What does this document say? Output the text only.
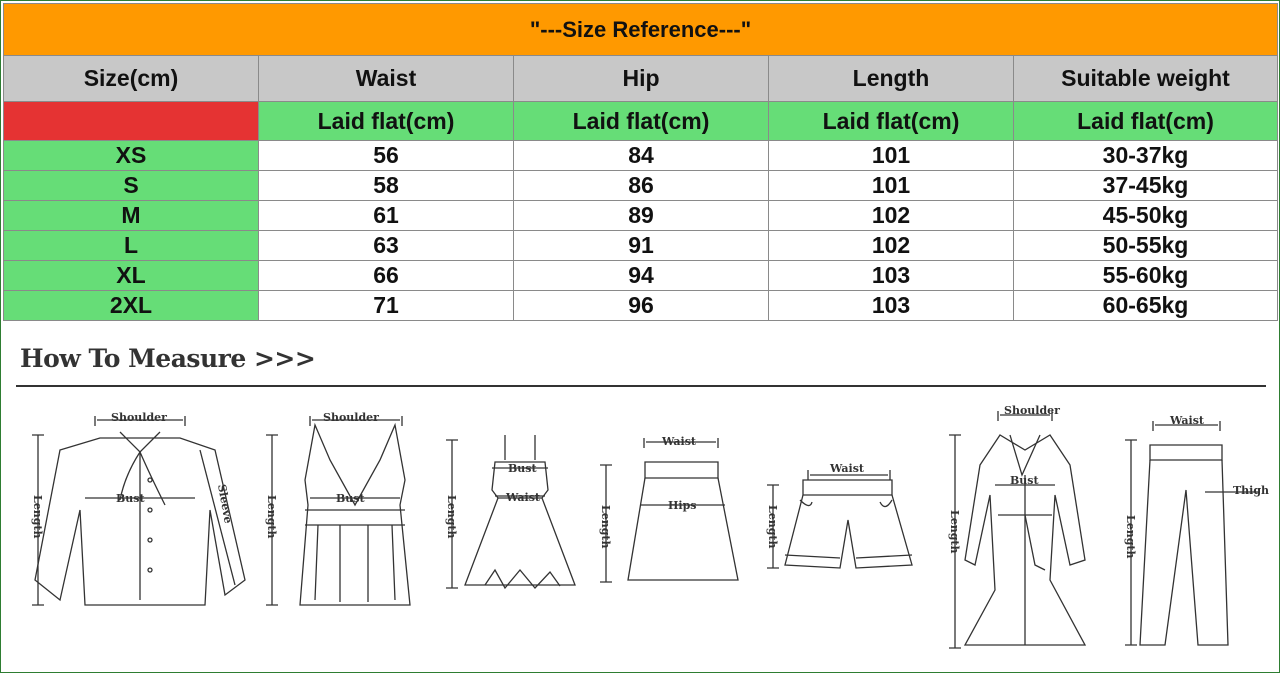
"---Size Reference---"				
Size(cm)	Waist	Hip	Length	Suitable weight
	Laid flat(cm)	Laid flat(cm)	Laid flat(cm)	Laid flat(cm)
XS	56	84	101	30-37kg
S	58	86	101	37-45kg
M	61	89	102	45-50kg
L	63	91	102	50-55kg
XL	66	94	103	55-60kg
2XL	71	96	103	60-65kg
How To Measure >>>
Shoulder
Bust	Sleeve
Length
Shoulder
Bust
Length
Bust
Waist
Length
Waist
Hips
Length
Waist
Length
Shoulder
Bust
Length
Waist
Thigh
Length
